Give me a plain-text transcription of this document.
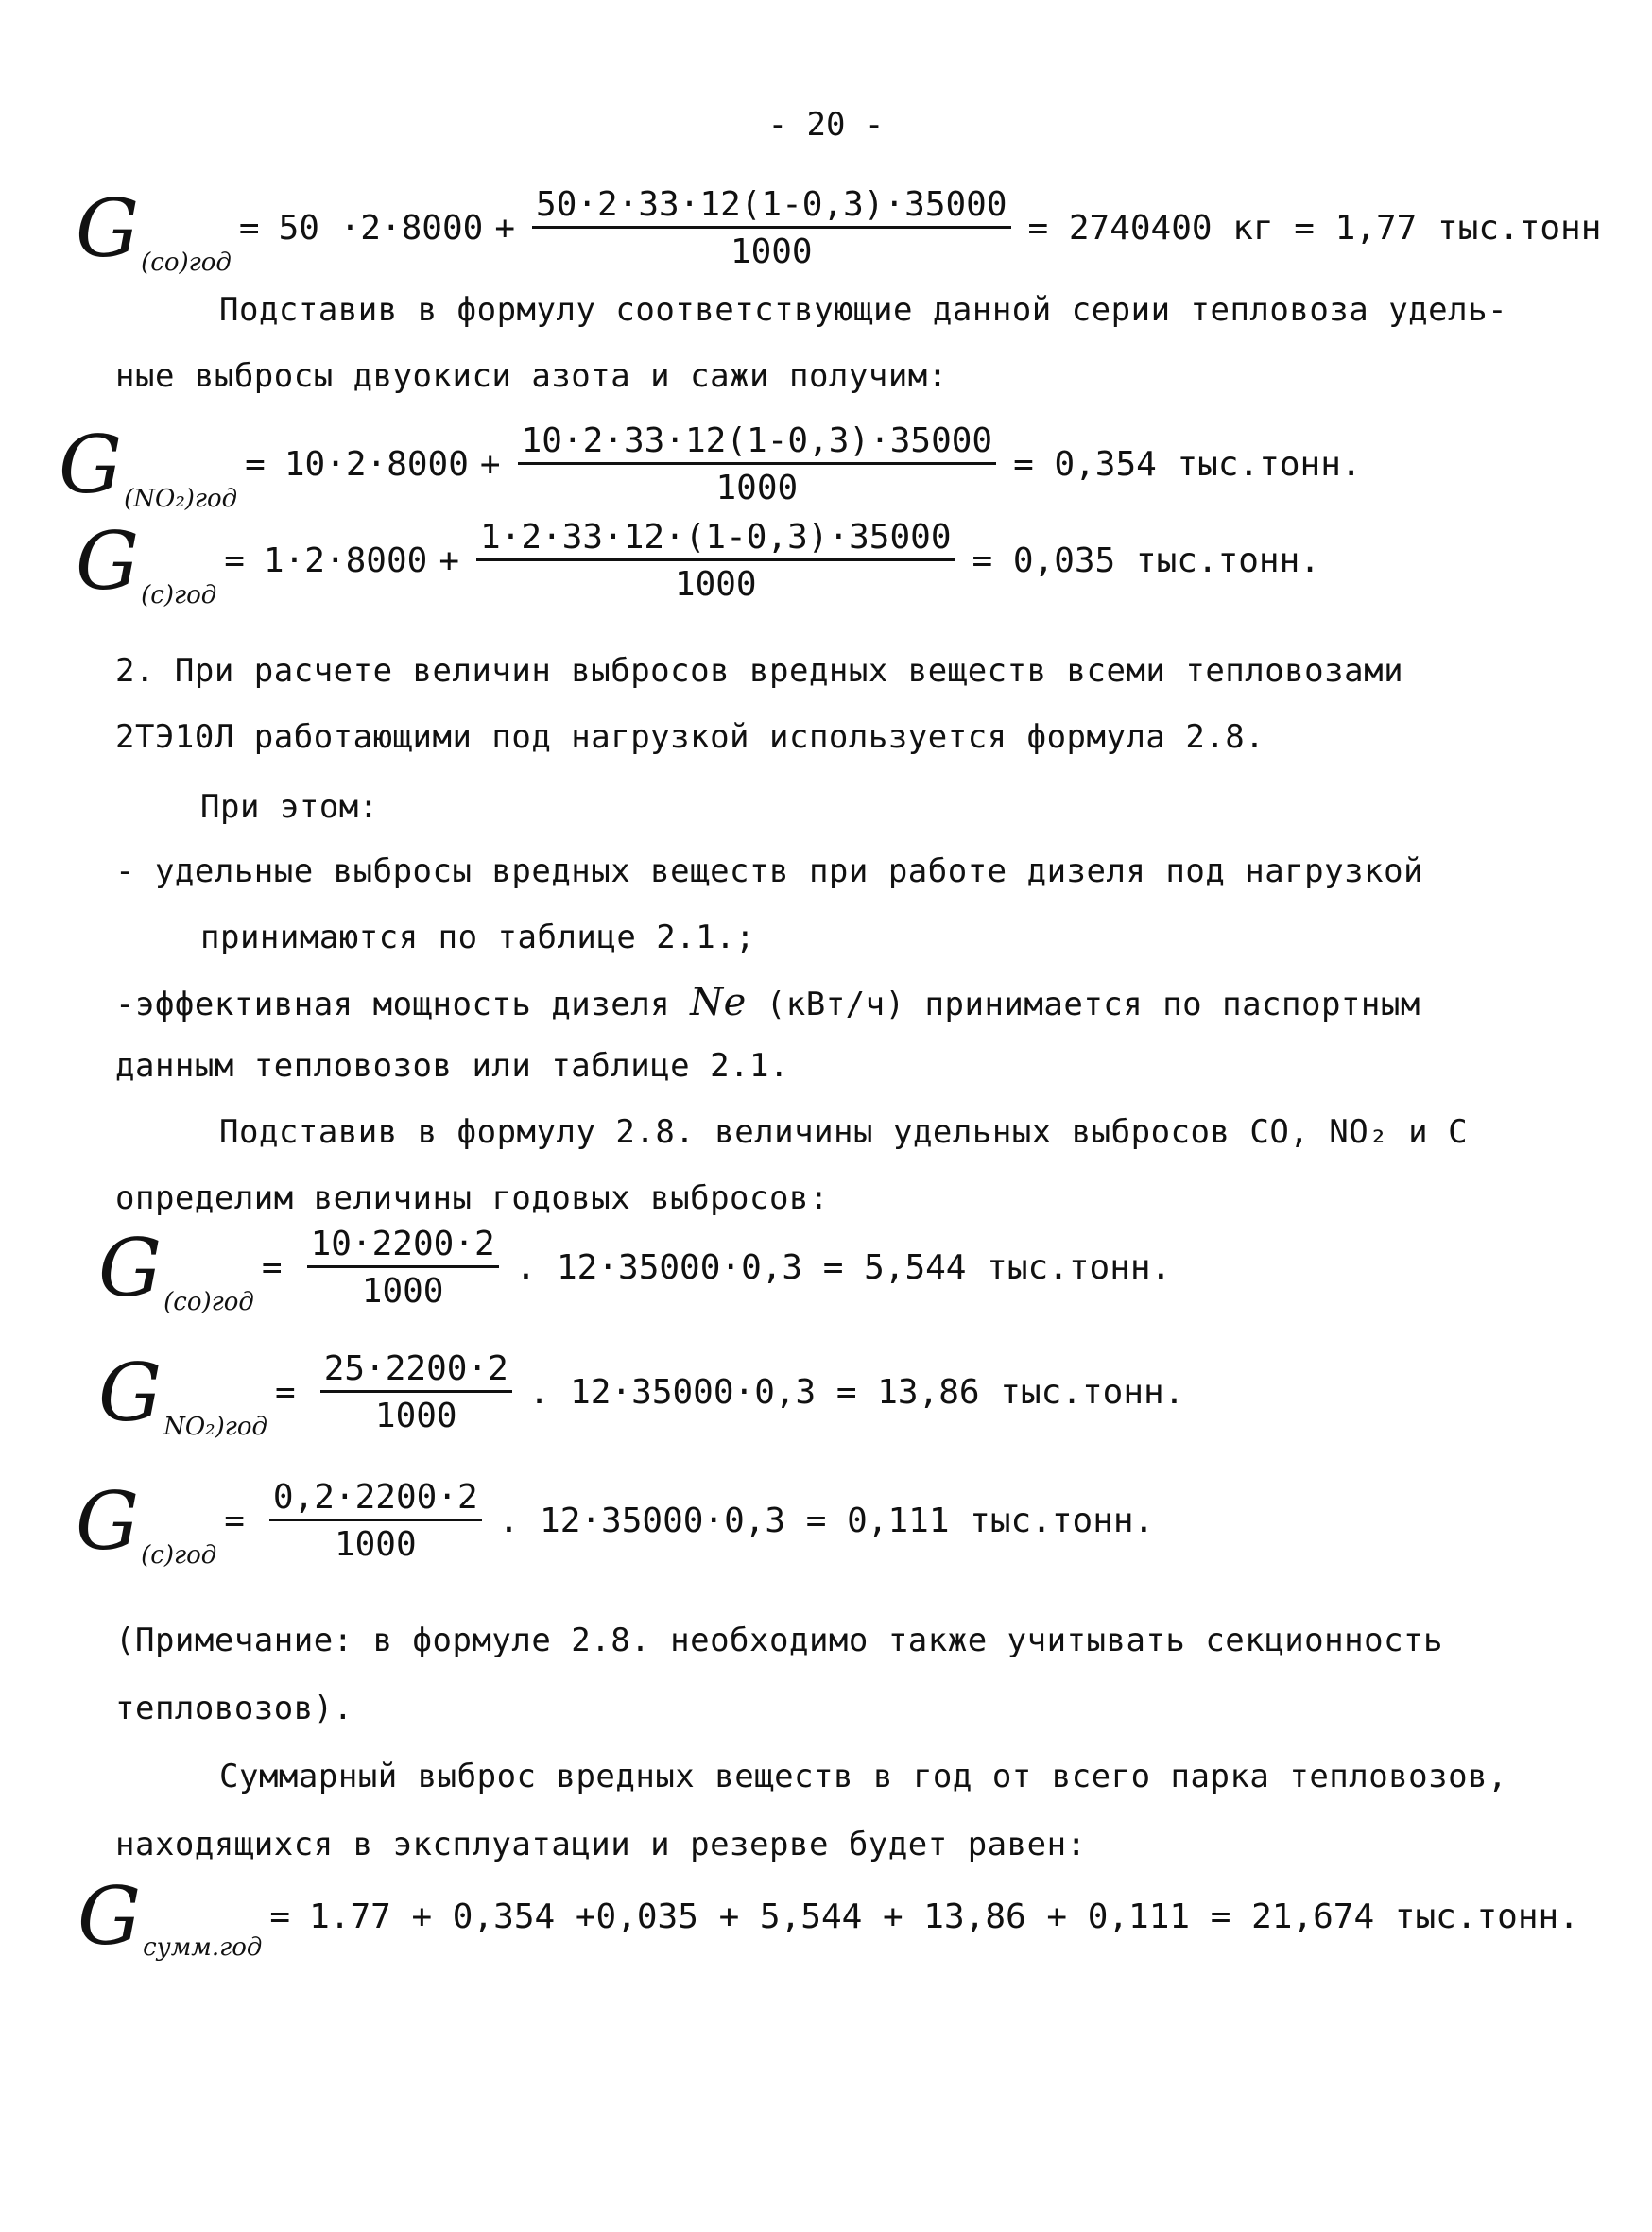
- 20 -
G (co)год
= $50 \cdot 2\cdot 8000 + \frac{50\cdot 2\cdot 33\cdot 12(1-0,3)\cdot 35000}{1000} = 2740400$ кг = 1,77 тыс.тонн
Подставив в формулу соответствующие данной серии тепловоза удель-
ные выбросы двуокиси азота и сажи получим:
G (NO₂)год
= $10\cdot 2\cdot 8000 + \frac{10\cdot 2\cdot 33\cdot 12(1-0,3)\cdot 35000}{1000} = 0,354$ тыс.тонн.
G (c)год
= $1\cdot 2\cdot 8000 + \frac{1\cdot 2\cdot 33\cdot 12\cdot(1-0,3)\cdot 35000}{1000} = 0,035$ тыс.тонн.
2. При расчете величин выбросов вредных веществ всеми тепловозами
2ТЭ10Л работающими под нагрузкой используется формула 2.8.
При этом:
- удельные выбросы вредных веществ при работе дизеля под нагрузкой
принимаются по таблице 2.1.;
-эффективная мощность дизеля Nе (кВт/ч) принимается по паспортным
данным тепловозов или таблице 2.1.
Подставив в формулу 2.8. величины удельных выбросов CO, NO₂ и C
определим величины годовых выбросов:
G (co)год
= $\frac{10\cdot 2200\cdot 2}{1000}$ . 12·35000·0,3 = 5,544 тыс.тонн.
G NO₂)год
= $\frac{25\cdot 2200\cdot 2}{1000}$ . 12·35000·0,3 = 13,86 тыс.тонн.
G (c)год
= $\frac{0,2\cdot 2200\cdot 2}{1000}$ . 12·35000·0,3 = 0,111 тыс.тонн.
(Примечание: в формуле 2.8. необходимо также учитывать секционность
тепловозов).
Суммарный выброс вредных веществ в год от всего парка тепловозов,
находящихся в эксплуатации и резерве будет равен:
G сумм.год
= 1.77 + 0,354 +0,035 + 5,544 + 13,86 + 0,111 = 21,674 тыс.тонн.
